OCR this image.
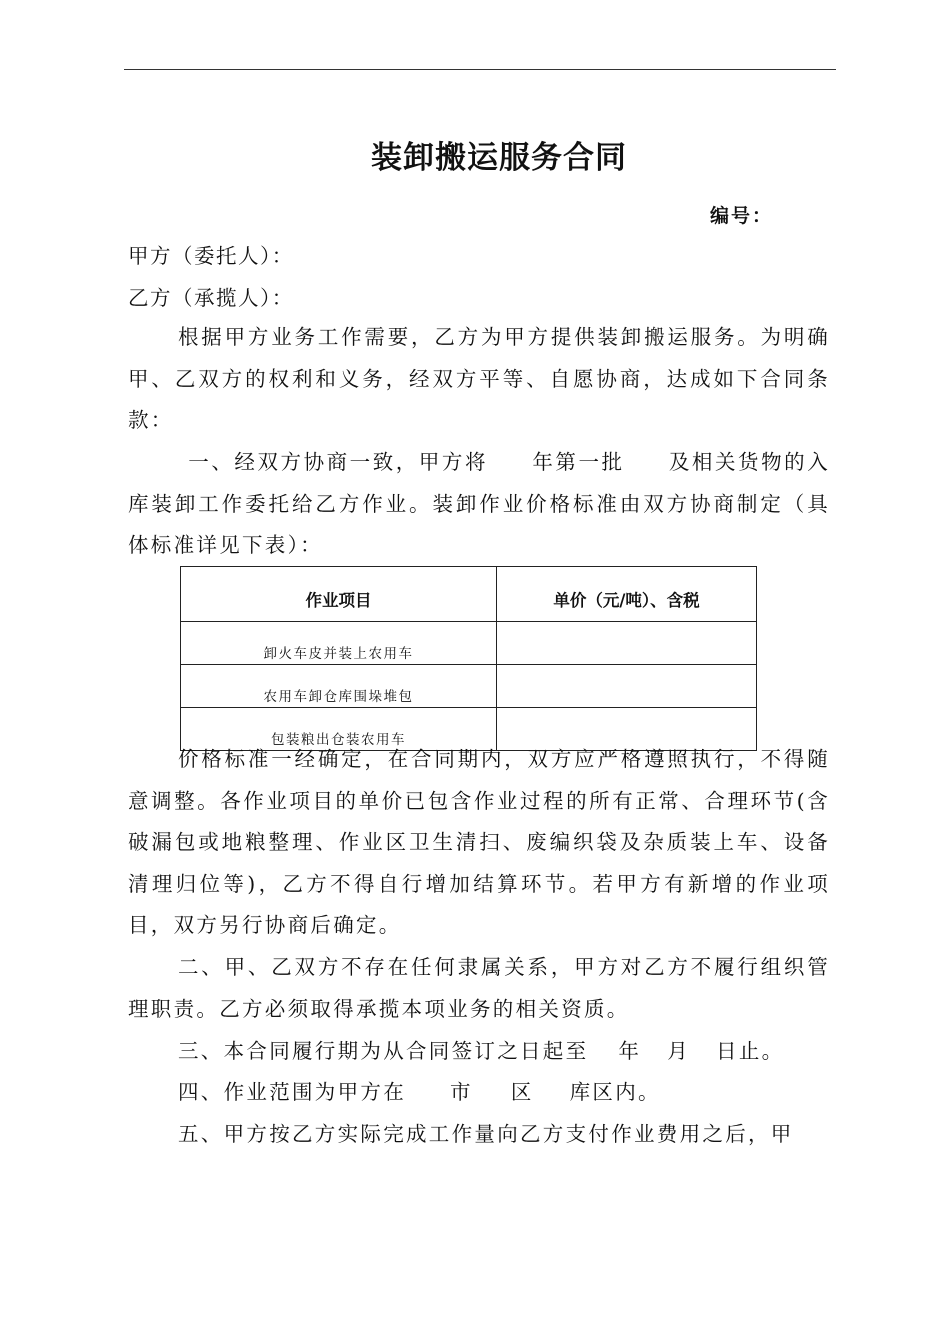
装卸搬运服务合同
编号：
甲方（委托人）：
乙方（承揽人）：
根据甲方业务工作需要，乙方为甲方提供装卸搬运服务。为明确甲、乙双方的权利和义务，经双方平等、自愿协商，达成如下合同条款：
一、经双方协商一致，甲方将 年第一批 及相关货物的入库装卸工作委托给乙方作业。装卸作业价格标准由双方协商制定（具体标准详见下表）：
作业项目	单价（元/吨）、含税
卸火车皮并装上农用车	
农用车卸仓库围垛堆包	
包装粮出仓装农用车	
价格标准一经确定，在合同期内，双方应严格遵照执行，不得随意调整。各作业项目的单价已包含作业过程的所有正常、合理环节(含破漏包或地粮整理、作业区卫生清扫、废编织袋及杂质装上车、设备清理归位等)，乙方不得自行增加结算环节。若甲方有新增的作业项目，双方另行协商后确定。
二、甲、乙双方不存在任何隶属关系，甲方对乙方不履行组织管理职责。乙方必须取得承揽本项业务的相关资质。
三、本合同履行期为从合同签订之日起至 年 月 日止。
四、作业范围为甲方在 市 区 库区内。
五、甲方按乙方实际完成工作量向乙方支付作业费用之后，甲
